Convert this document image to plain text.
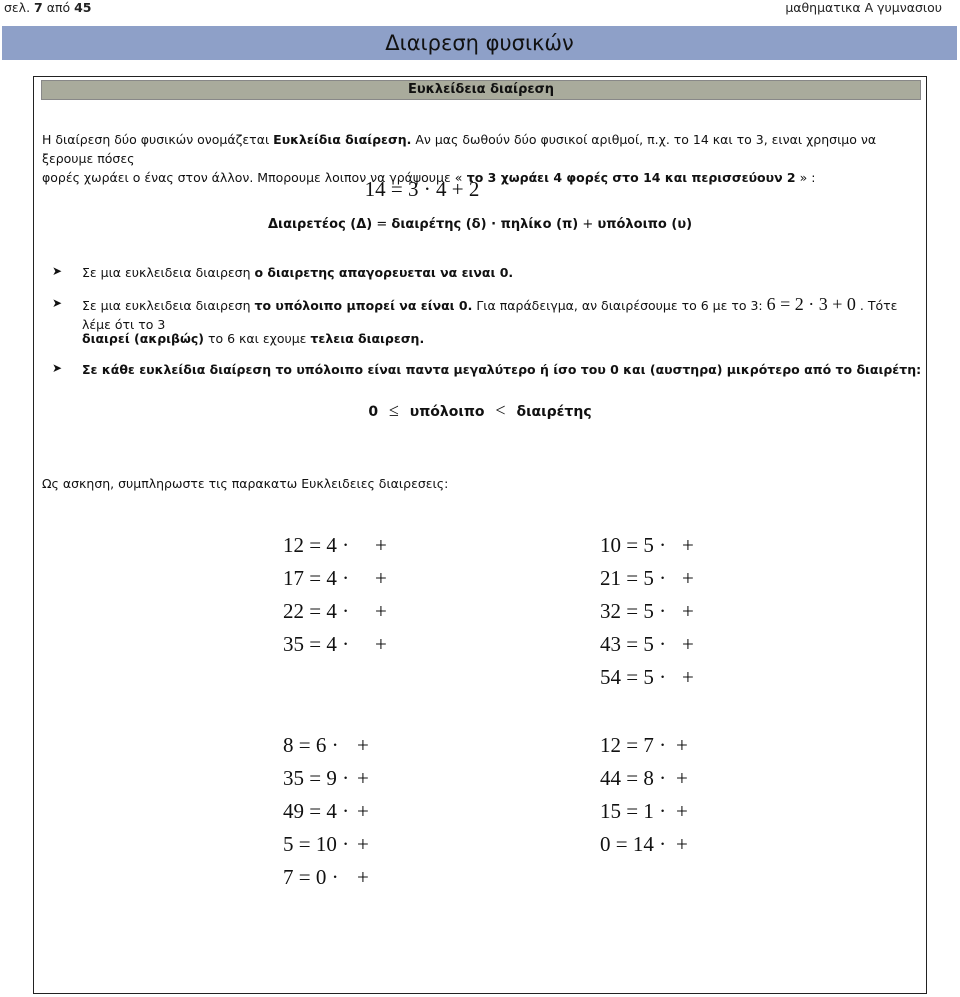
σελ. 7 από 45	μαθηματικα Α γυμνασιου
Διαιρεση φυσικών
Ευκλείδεια διαίρεση
Η διαίρεση δύο φυσικών ονομάζεται Ευκλείδια διαίρεση. Αν μας δωθούν δύο φυσικοί αριθμοί, π.χ. το 14 και το 3, ειναι χρησιμο να ξερουμε πόσες
φορές χωράει ο ένας στον άλλον. Μπορουμε λοιπον να γράψουμε « το 3 χωράει 4 φορές στο 14 και περισσεύουν 2 » :
14 = 3 · 4 + 2
Διαιρετέος (Δ) = διαιρέτης (δ) · πηλίκο (π) + υπόλοιπο (υ)
➤ Σε μια ευκλειδεια διαιρεση ο διαιρετης απαγορευεται να ειναι 0.
➤ Σε μια ευκλειδεια διαιρεση το υπόλοιπο μπορεί να είναι 0. Για παράδειγμα, αν διαιρέσουμε το 6 με το 3: 6 = 2 · 3 + 0 . Τότε λέμε ότι το 3
διαιρεί (ακριβώς) το 6 και εχουμε τελεια διαιρεση.
➤ Σε κάθε ευκλείδια διαίρεση το υπόλοιπο είναι παντα μεγαλύτερο ή ίσο του 0 και (αυστηρα) μικρότερο από το διαιρέτη:
0 ≤ υπόλοιπο < διαιρέτης
Ως ασκηση, συμπληρωστε τις παρακατω Ευκλειδειες διαιρεσεις:
12 = 4 · +
17 = 4 · +
22 = 4 · +
35 = 4 · +
10 = 5 · +
21 = 5 · +
32 = 5 · +
43 = 5 · +
54 = 5 · +
8 = 6 · +
35 = 9 · +
49 = 4 · +
5 = 10 · +
7 = 0 · +
12 = 7 · +
44 = 8 · +
15 = 1 · +
0 = 14 · +
